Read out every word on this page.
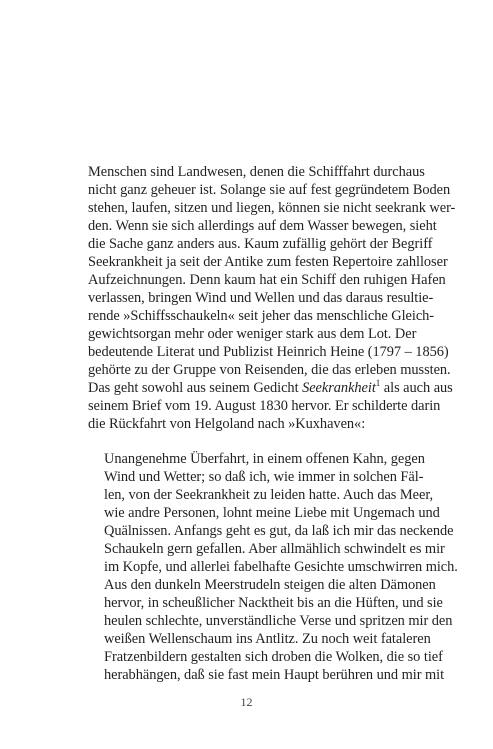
Menschen sind Landwesen, denen die Schifffahrt durchaus
nicht ganz geheuer ist. Solange sie auf fest gegründetem Boden
stehen, laufen, sitzen und liegen, können sie nicht seekrank wer-
den. Wenn sie sich allerdings auf dem Wasser bewegen, sieht
die Sache ganz anders aus. Kaum zufällig gehört der Begriff
Seekrankheit ja seit der Antike zum festen Repertoire zahlloser
Aufzeichnungen. Denn kaum hat ein Schiff den ruhigen Hafen
verlassen, bringen Wind und Wellen und das daraus resultie-
rende »Schiffsschaukeln« seit jeher das menschliche Gleich-
gewichtsorgan mehr oder weniger stark aus dem Lot. Der
bedeutende Literat und Publizist Heinrich Heine (1797 – 1856)
gehörte zu der Gruppe von Reisenden, die das erleben mussten.
Das geht sowohl aus seinem Gedicht Seekrankheit$^1$ als auch aus
seinem Brief vom 19. August 1830 hervor. Er schilderte darin
die Rückfahrt von Helgoland nach »Kuxhaven«:
Unangenehme Überfahrt, in einem offenen Kahn, gegen
Wind und Wetter; so daß ich, wie immer in solchen Fäl-
len, von der Seekrankheit zu leiden hatte. Auch das Meer,
wie andre Personen, lohnt meine Liebe mit Ungemach und
Quälnissen. Anfangs geht es gut, da laß ich mir das neckende
Schaukeln gern gefallen. Aber allmählich schwindelt es mir
im Kopfe, und allerlei fabelhafte Gesichte umschwirren mich.
Aus den dunkeln Meerstrudeln steigen die alten Dämonen
hervor, in scheußlicher Nacktheit bis an die Hüften, und sie
heulen schlechte, unverständliche Verse und spritzen mir den
weißen Wellenschaum ins Antlitz. Zu noch weit fataleren
Fratzenbildern gestalten sich droben die Wolken, die so tief
herabhängen, daß sie fast mein Haupt berühren und mir mit
12
